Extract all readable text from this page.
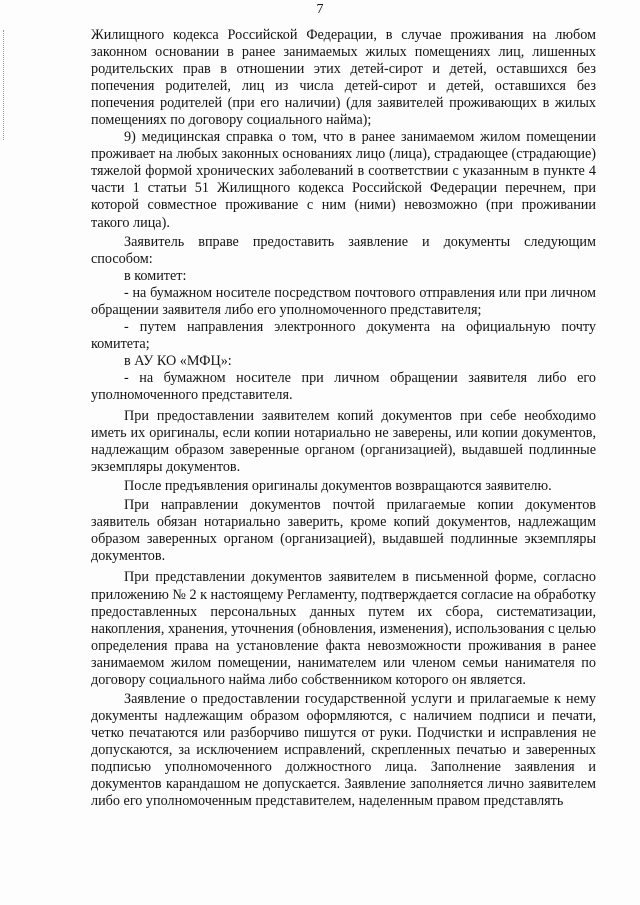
7

Жилищного кодекса Российской Федерации, в случае проживания на любом законном основании в ранее занимаемых жилых помещениях лиц, лишенных родительских прав в отношении этих детей-сирот и детей, оставшихся без попечения родителей, лиц из числа детей-сирот и детей, оставшихся без попечения родителей (при его наличии) (для заявителей проживающих в жилых помещениях по договору социального найма);

9) медицинская справка о том, что в ранее занимаемом жилом помещении проживает на любых законных основаниях лицо (лица), страдающее (страдающие) тяжелой формой хронических заболеваний в соответствии с указанным в пункте 4 части 1 статьи 51 Жилищного кодекса Российской Федерации перечнем, при которой совместное проживание с ним (ними) невозможно (при проживании такого лица).

Заявитель вправе предоставить заявление и документы следующим способом:

в комитет:

- на бумажном носителе посредством почтового отправления или при личном обращении заявителя либо его уполномоченного представителя;

- путем направления электронного документа на официальную почту комитета;

в АУ КО «МФЦ»:

- на бумажном носителе при личном обращении заявителя либо его уполномоченного представителя.

При предоставлении заявителем копий документов при себе необходимо иметь их оригиналы, если копии нотариально не заверены, или копии документов, надлежащим образом заверенные органом (организацией), выдавшей подлинные экземпляры документов.

После предъявления оригиналы документов возвращаются заявителю.

При направлении документов почтой прилагаемые копии документов заявитель обязан нотариально заверить, кроме копий документов, надлежащим образом заверенных органом (организацией), выдавшей подлинные экземпляры документов.

При представлении документов заявителем в письменной форме, согласно приложению № 2 к настоящему Регламенту, подтверждается согласие на обработку предоставленных персональных данных путем их сбора, систематизации, накопления, хранения, уточнения (обновления, изменения), использования с целью определения права на установление факта невозможности проживания в ранее занимаемом жилом помещении, нанимателем или членом семьи нанимателя по договору социального найма либо собственником которого он является.

Заявление о предоставлении государственной услуги и прилагаемые к нему документы надлежащим образом оформляются, с наличием подписи и печати, четко печатаются или разборчиво пишутся от руки. Подчистки и исправления не допускаются, за исключением исправлений, скрепленных печатью и заверенных подписью уполномоченного должностного лица. Заполнение заявления и документов карандашом не допускается. Заявление заполняется лично заявителем либо его уполномоченным представителем, наделенным правом представлять
